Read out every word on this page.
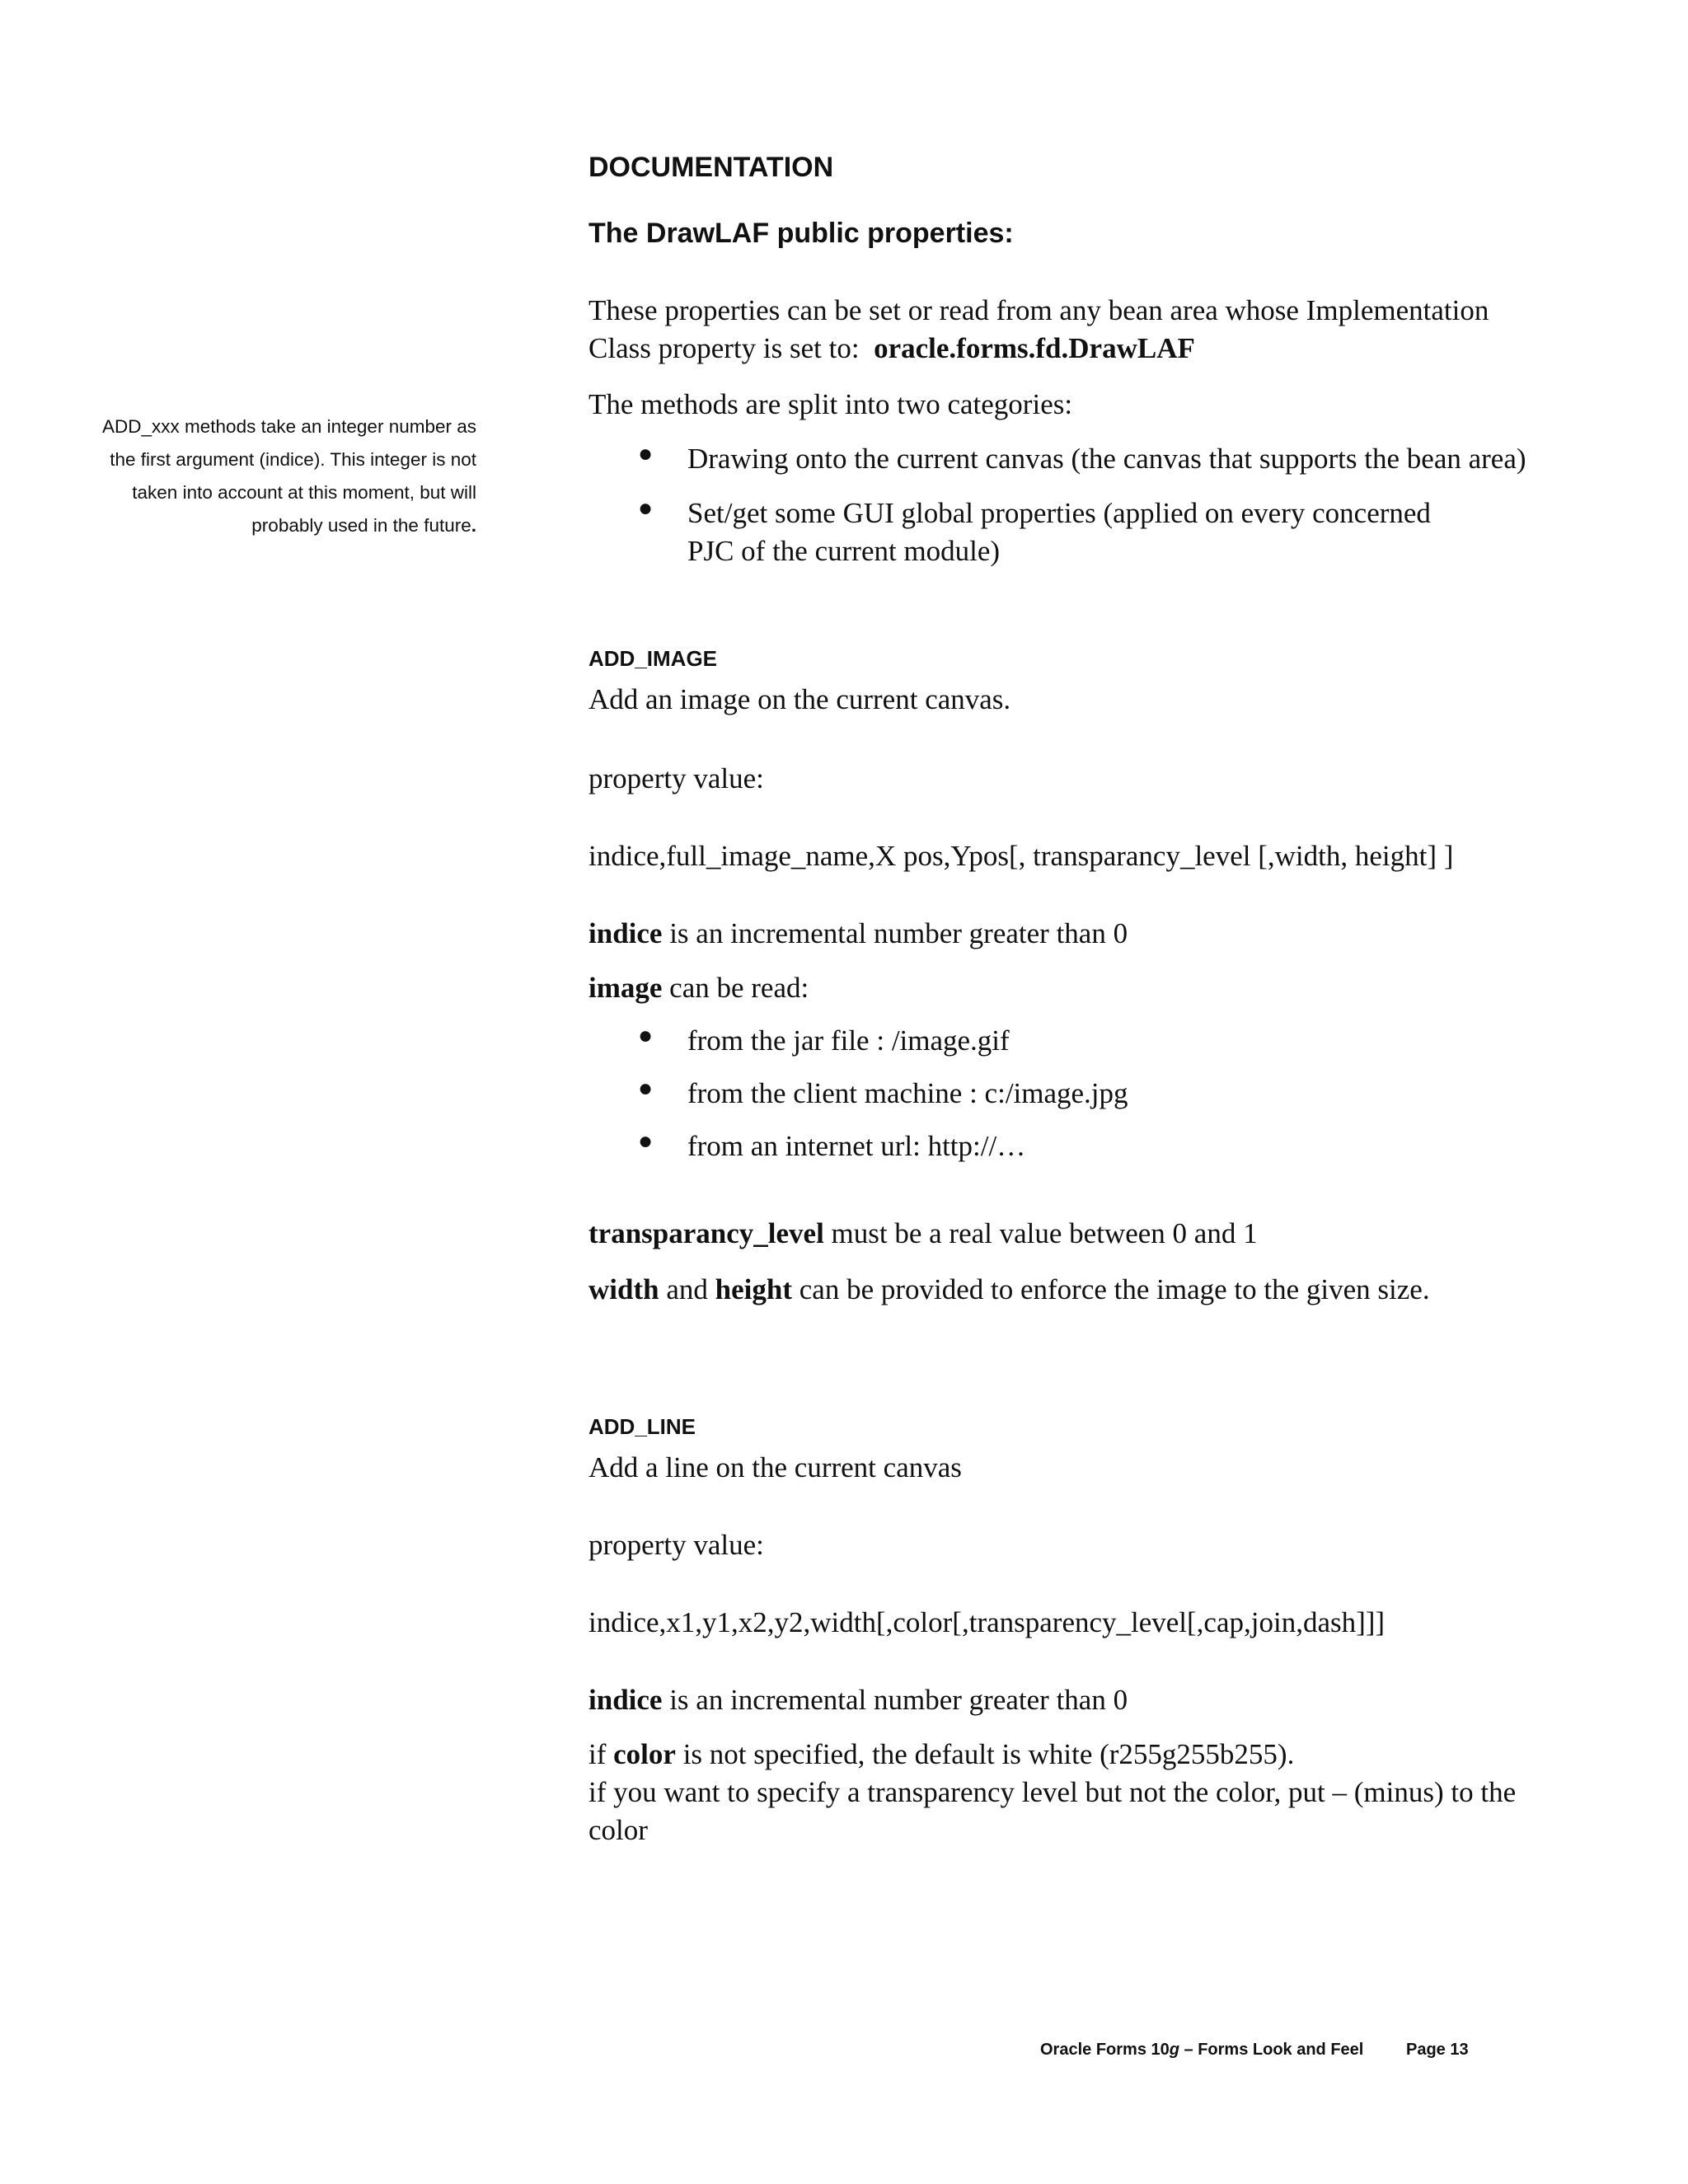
ADD_xxx methods take an integer number as
the first argument (indice). This integer is not
taken into account at this moment, but will
probably used in the future.
DOCUMENTATION
The DrawLAF public properties:
These properties can be set or read from any bean area whose Implementation
Class property is set to: oracle.forms.fd.DrawLAF
The methods are split into two categories:
● Drawing onto the current canvas (the canvas that supports the bean area)
● Set/get some GUI global properties (applied on every concerned PJC of the current module)
ADD_IMAGE
Add an image on the current canvas.
property value:
indice,full_image_name,X pos,Ypos[, transparancy_level [,width, height] ]
indice is an incremental number greater than 0
image can be read:
● from the jar file : /image.gif
● from the client machine : c:/image.jpg
● from an internet url: http://…
transparancy_level must be a real value between 0 and 1
width and height can be provided to enforce the image to the given size.
ADD_LINE
Add a line on the current canvas
property value:
indice,x1,y1,x2,y2,width[,color[,transparency_level[,cap,join,dash]]]
indice is an incremental number greater than 0
if color is not specified, the default is white (r255g255b255).
if you want to specify a transparency level but not the color, put – (minus) to the
color
Oracle Forms 10g – Forms Look and Feel	Page 13
